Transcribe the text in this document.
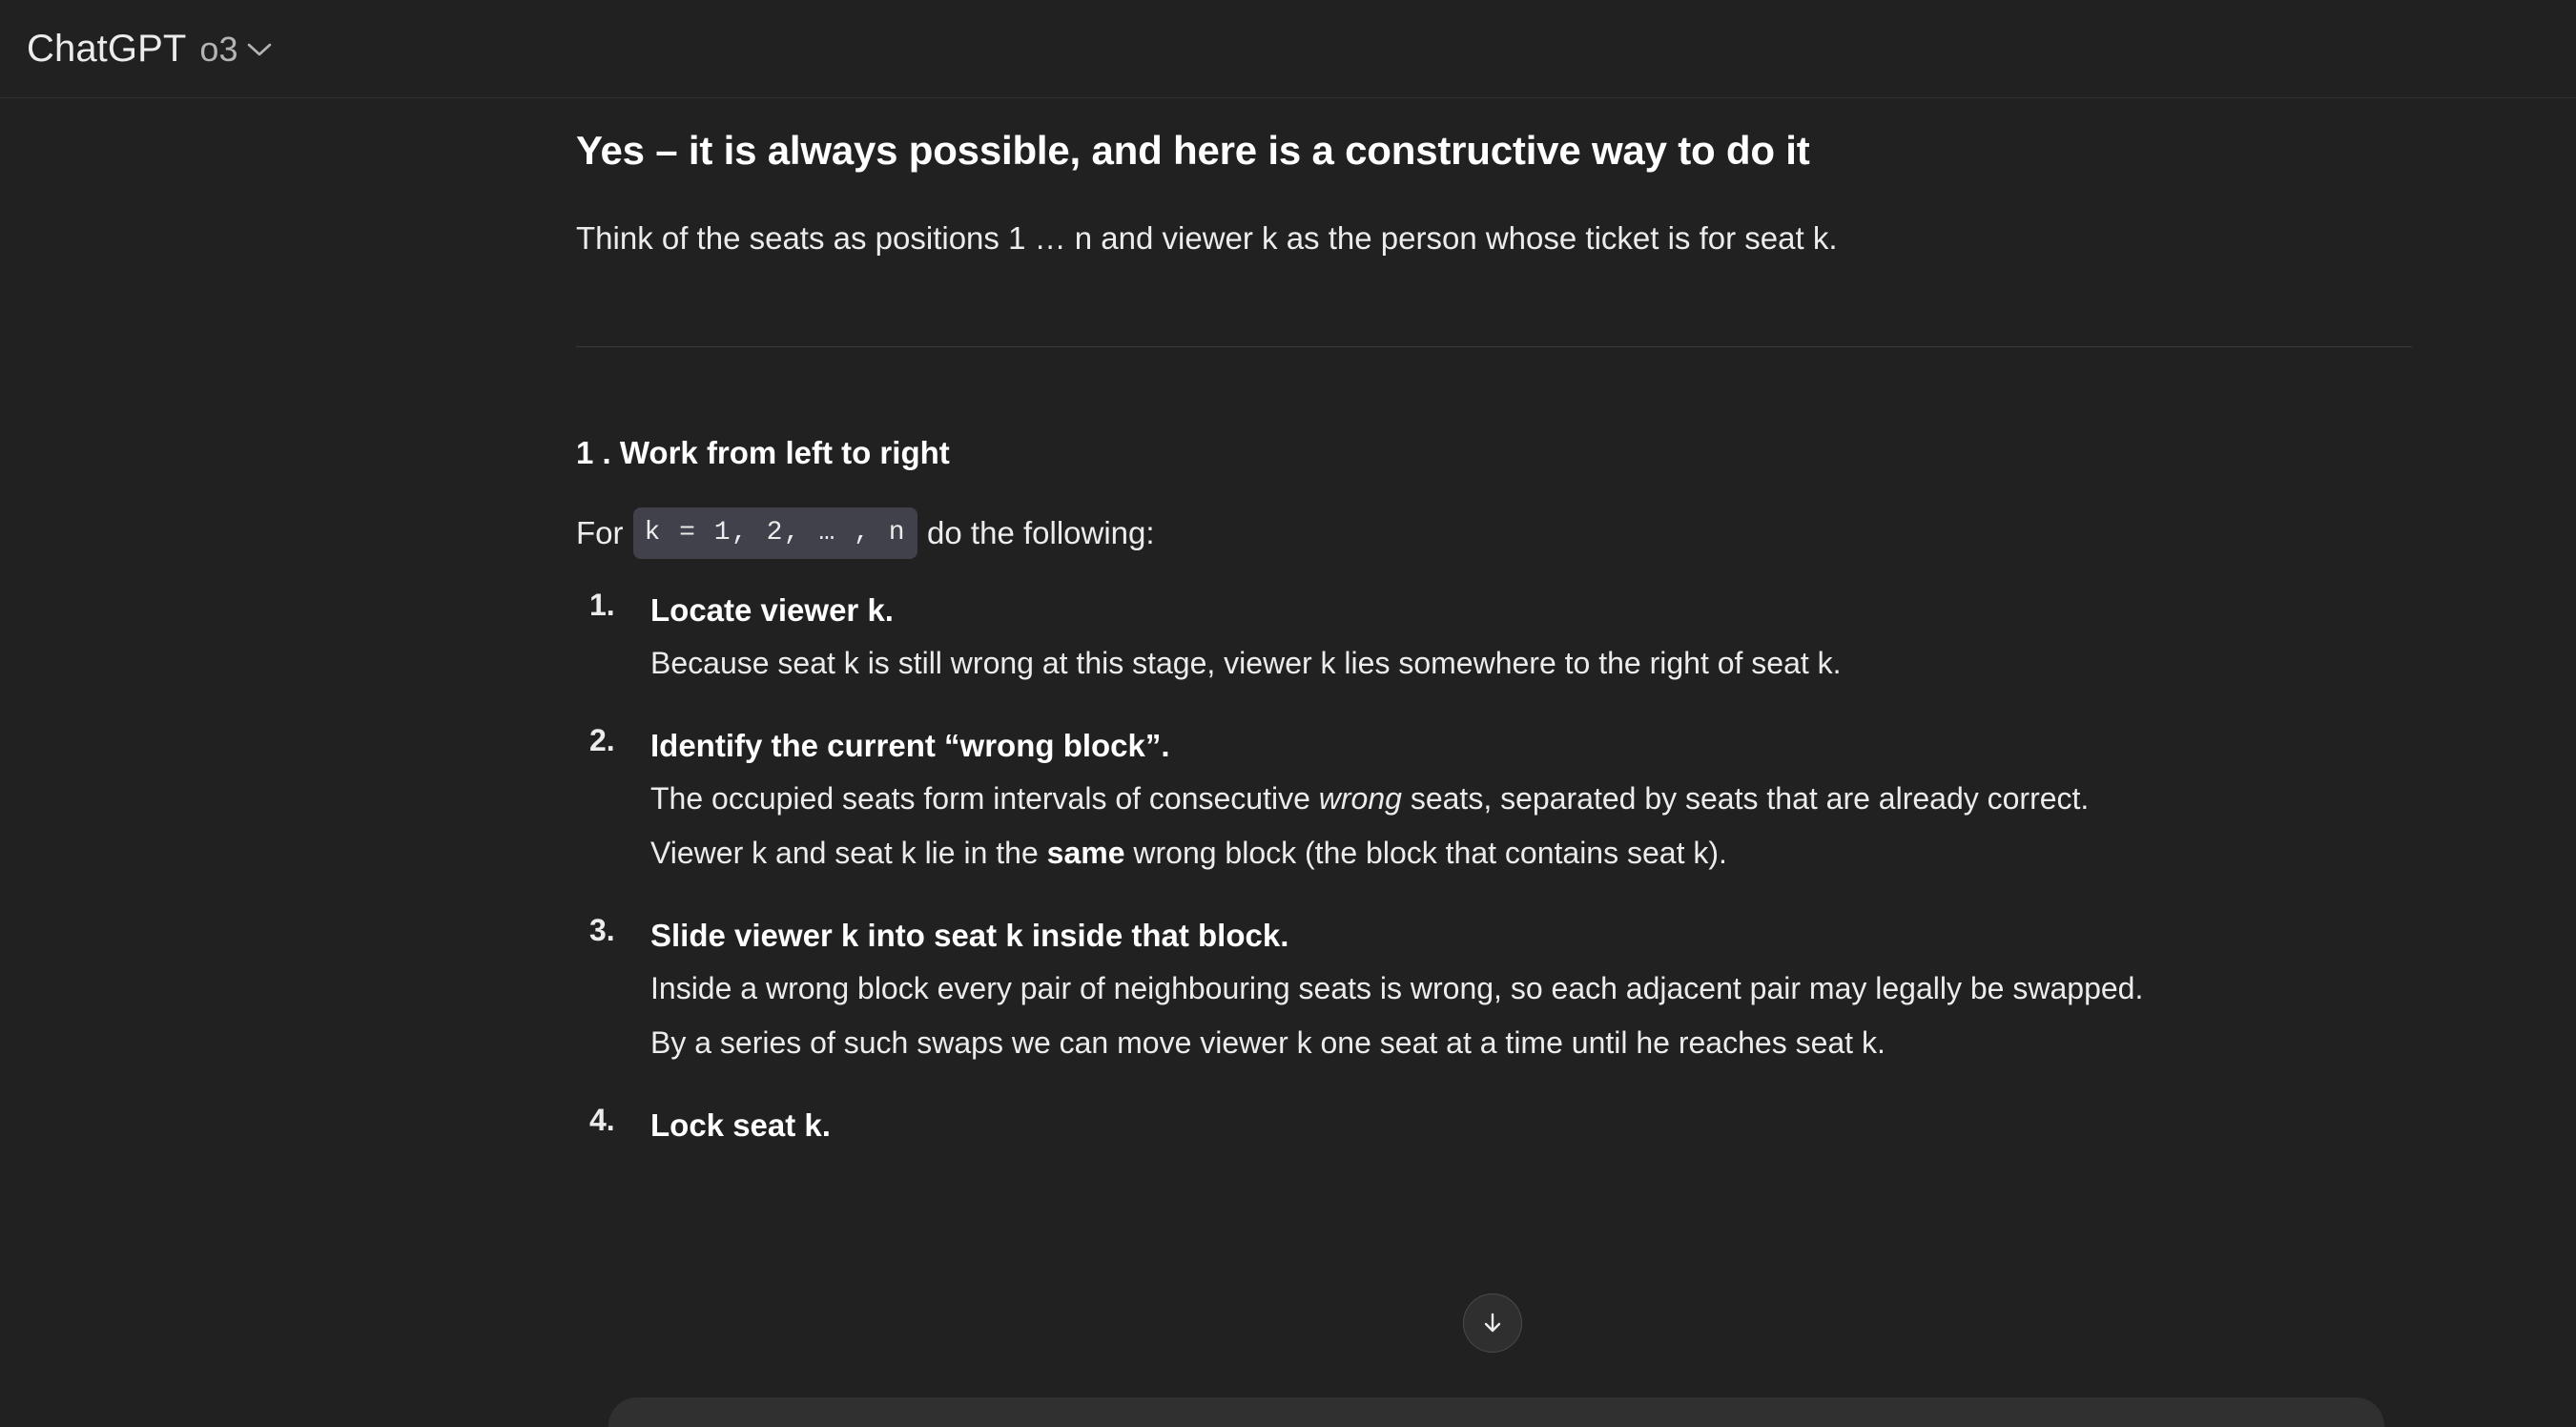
ChatGPT o3
Yes – it is always possible, and here is a constructive way to do it

Think of the seats as positions 1 … n and viewer k as the person whose ticket is for seat k.

1 . Work from left to right

For k = 1, 2, … , n do the following:

Locate viewer k.
Because seat k is still wrong at this stage, viewer k lies somewhere to the right of seat k.
Identify the current “wrong block”.
The occupied seats form intervals of consecutive wrong seats, separated by seats that are already correct.
Viewer k and seat k lie in the same wrong block (the block that contains seat k).
Slide viewer k into seat k inside that block.
Inside a wrong block every pair of neighbouring seats is wrong, so each adjacent pair may legally be swapped.
By a series of such swaps we can move viewer k one seat at a time until he reaches seat k.
Lock seat k.
